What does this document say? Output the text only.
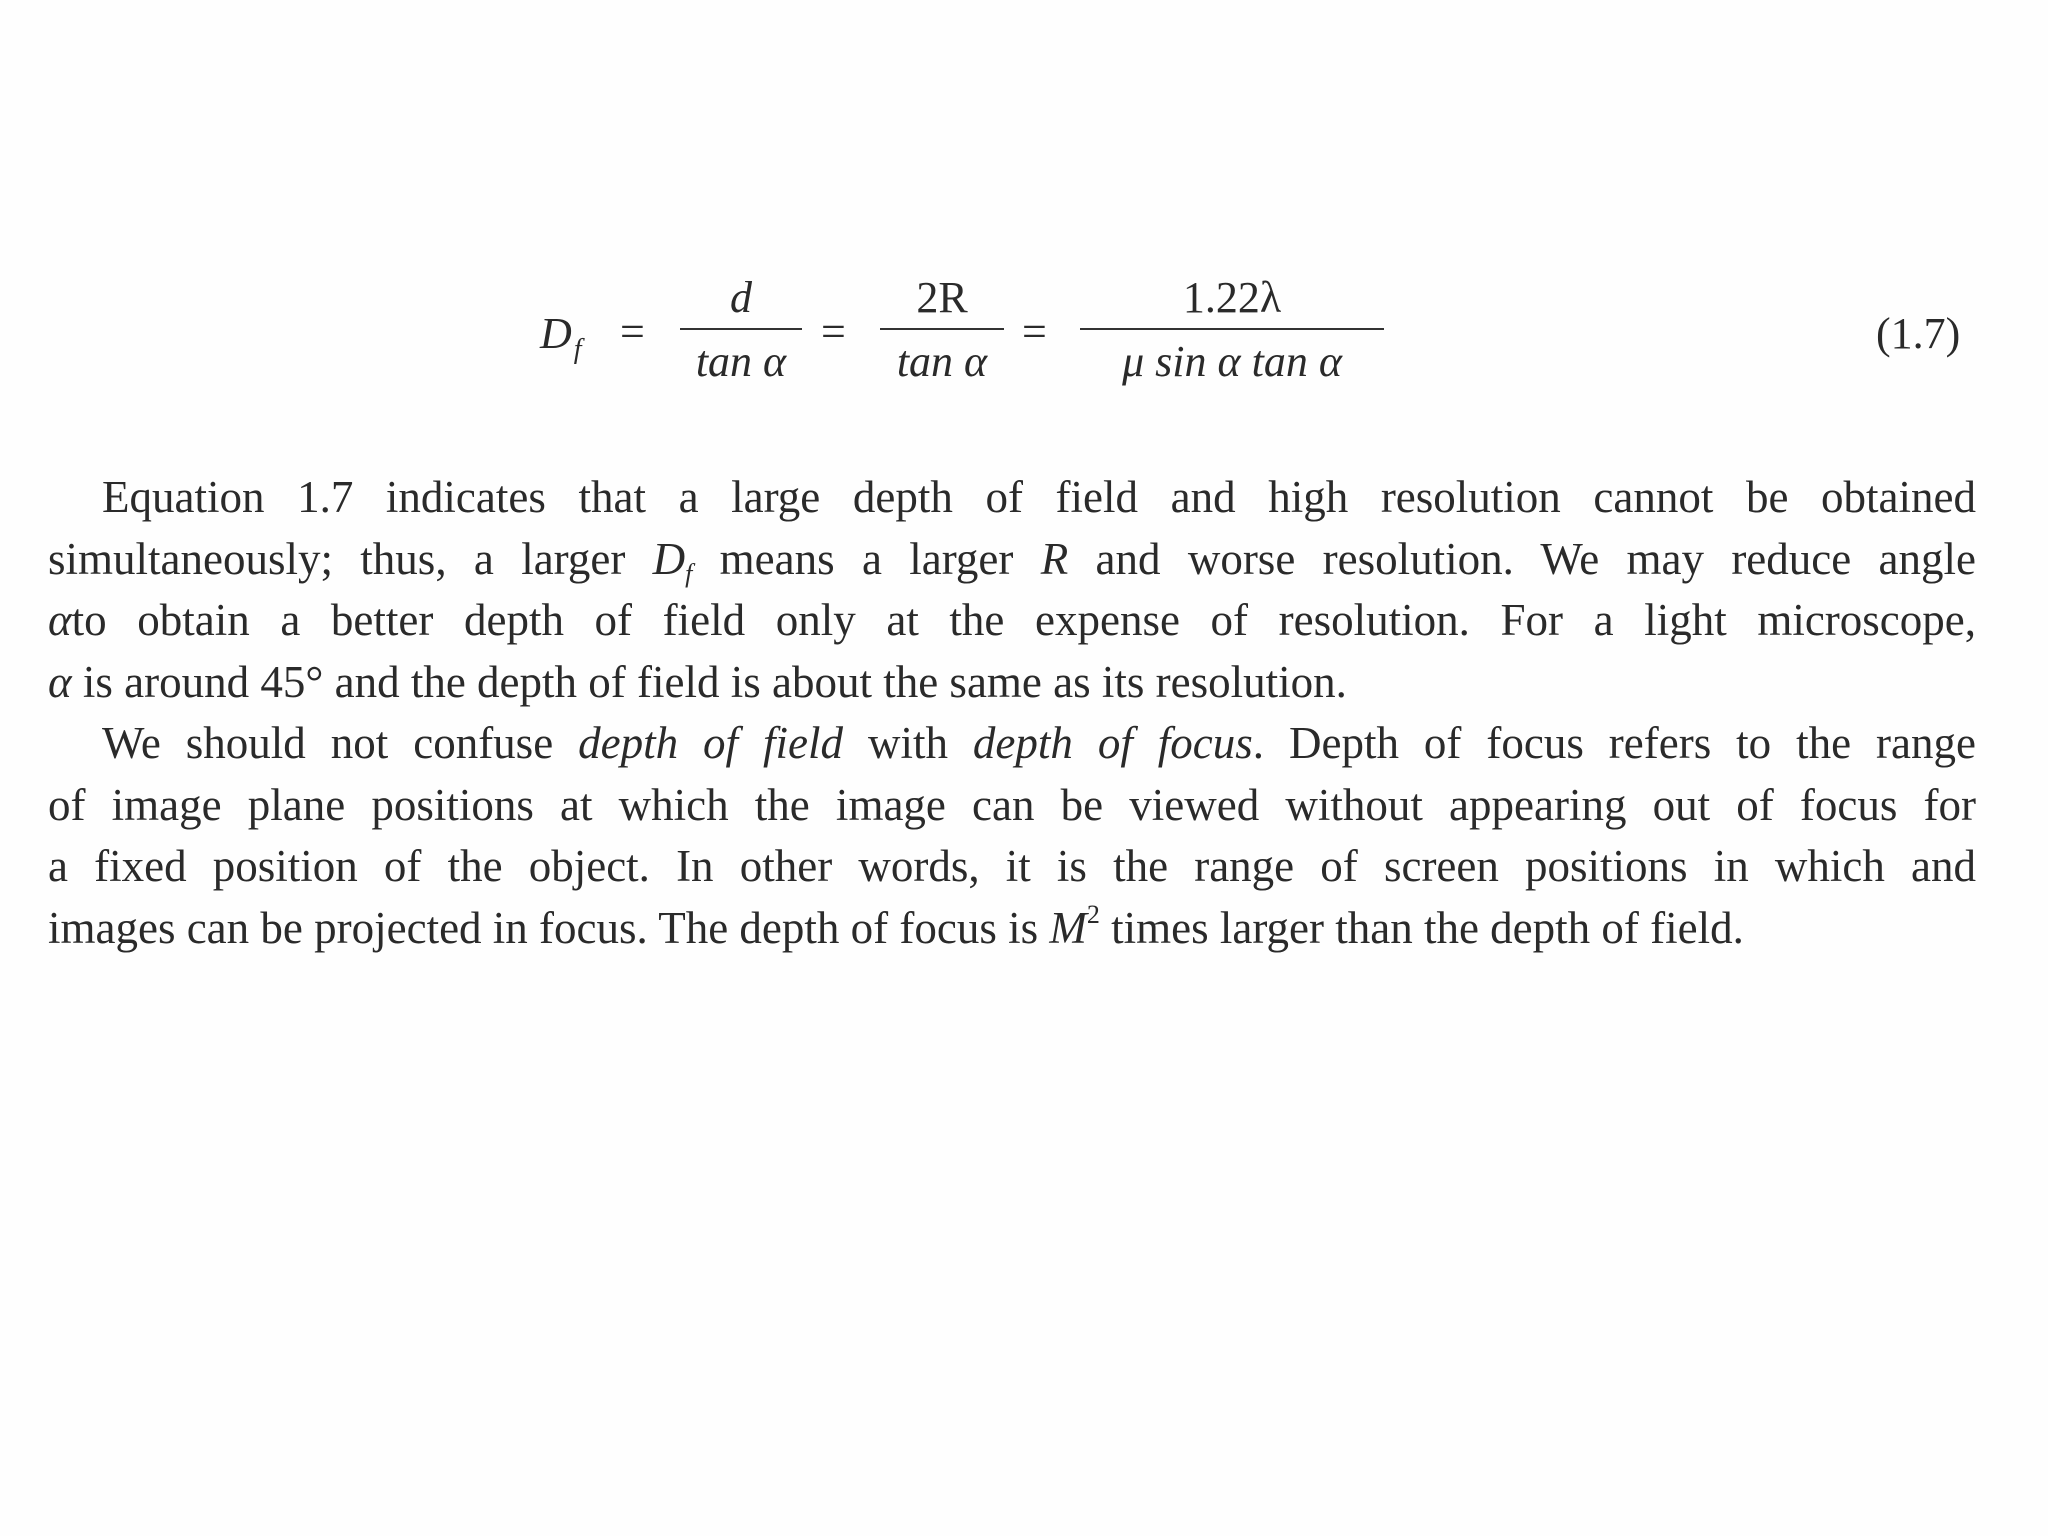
$D_f$ =
d
tan α
=
2R
tan α
=
1.22λ
μ sin α tan α
(1.7)
Equation 1.7 indicates that a large depth of field and high resolution cannot be obtained
simultaneously; thus, a larger $D_f$ means a larger R and worse resolution. We may reduce angle
αto obtain a better depth of field only at the expense of resolution. For a light microscope,
α is around 45° and the depth of field is about the same as its resolution.
We should not confuse depth of field with depth of focus. Depth of focus refers to the range
of image plane positions at which the image can be viewed without appearing out of focus for
a fixed position of the object. In other words, it is the range of screen positions in which and
images can be projected in focus. The depth of focus is $M^2$ times larger than the depth of field.
